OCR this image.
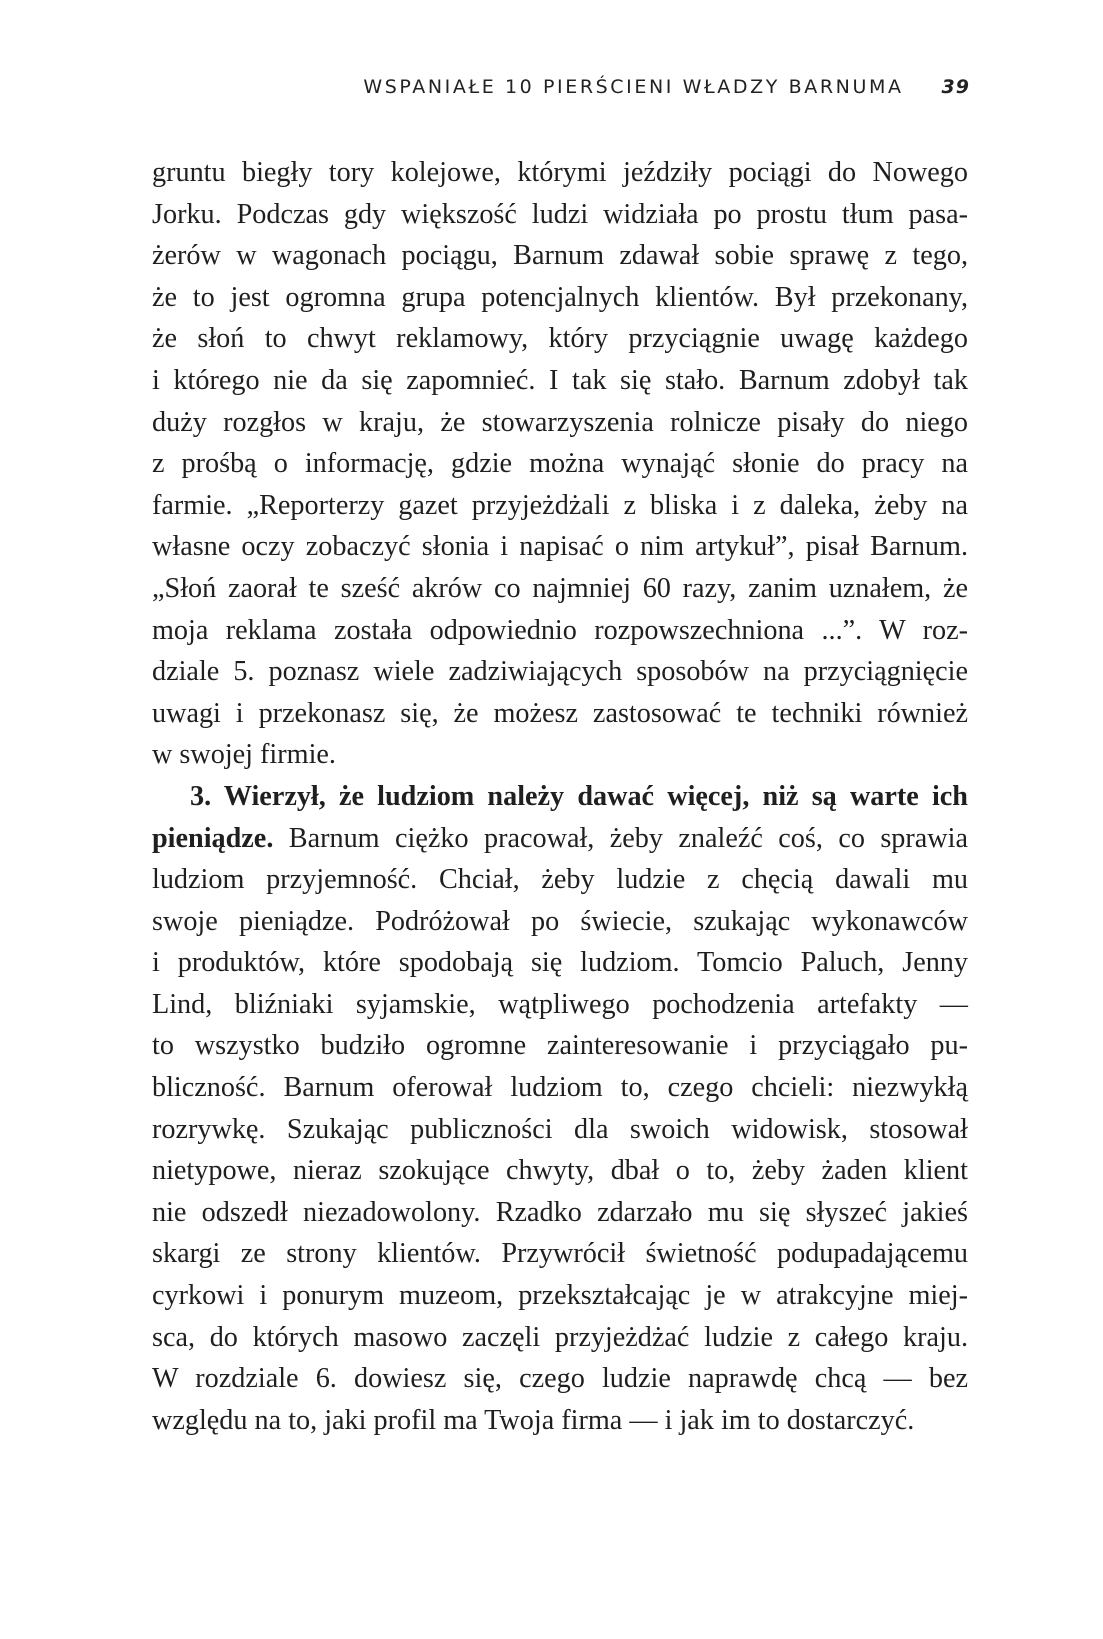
WSPANIAŁE 10 PIERŚCIENI WŁADZY BARNUMA 39
gruntu biegły tory kolejowe, którymi jeździły pociągi do Nowego
Jorku. Podczas gdy większość ludzi widziała po prostu tłum pasa-
żerów w wagonach pociągu, Barnum zdawał sobie sprawę z tego,
że to jest ogromna grupa potencjalnych klientów. Był przekonany,
że słoń to chwyt reklamowy, który przyciągnie uwagę każdego
i którego nie da się zapomnieć. I tak się stało. Barnum zdobył tak
duży rozgłos w kraju, że stowarzyszenia rolnicze pisały do niego
z prośbą o informację, gdzie można wynająć słonie do pracy na
farmie. „Reporterzy gazet przyjeżdżali z bliska i z daleka, żeby na
własne oczy zobaczyć słonia i napisać o nim artykuł”, pisał Barnum.
„Słoń zaorał te sześć akrów co najmniej 60 razy, zanim uznałem, że
moja reklama została odpowiednio rozpowszechniona ...”. W roz-
dziale 5. poznasz wiele zadziwiających sposobów na przyciągnięcie
uwagi i przekonasz się, że możesz zastosować te techniki również
w swojej firmie.
3. Wierzył, że ludziom należy dawać więcej, niż są warte ich
pieniądze. Barnum ciężko pracował, żeby znaleźć coś, co sprawia
ludziom przyjemność. Chciał, żeby ludzie z chęcią dawali mu
swoje pieniądze. Podróżował po świecie, szukając wykonawców
i produktów, które spodobają się ludziom. Tomcio Paluch, Jenny
Lind, bliźniaki syjamskie, wątpliwego pochodzenia artefakty —
to wszystko budziło ogromne zainteresowanie i przyciągało pu-
bliczność. Barnum oferował ludziom to, czego chcieli: niezwykłą
rozrywkę. Szukając publiczności dla swoich widowisk, stosował
nietypowe, nieraz szokujące chwyty, dbał o to, żeby żaden klient
nie odszedł niezadowolony. Rzadko zdarzało mu się słyszeć jakieś
skargi ze strony klientów. Przywrócił świetność podupadającemu
cyrkowi i ponurym muzeom, przekształcając je w atrakcyjne miej-
sca, do których masowo zaczęli przyjeżdżać ludzie z całego kraju.
W rozdziale 6. dowiesz się, czego ludzie naprawdę chcą — bez
względu na to, jaki profil ma Twoja firma — i jak im to dostarczyć.
